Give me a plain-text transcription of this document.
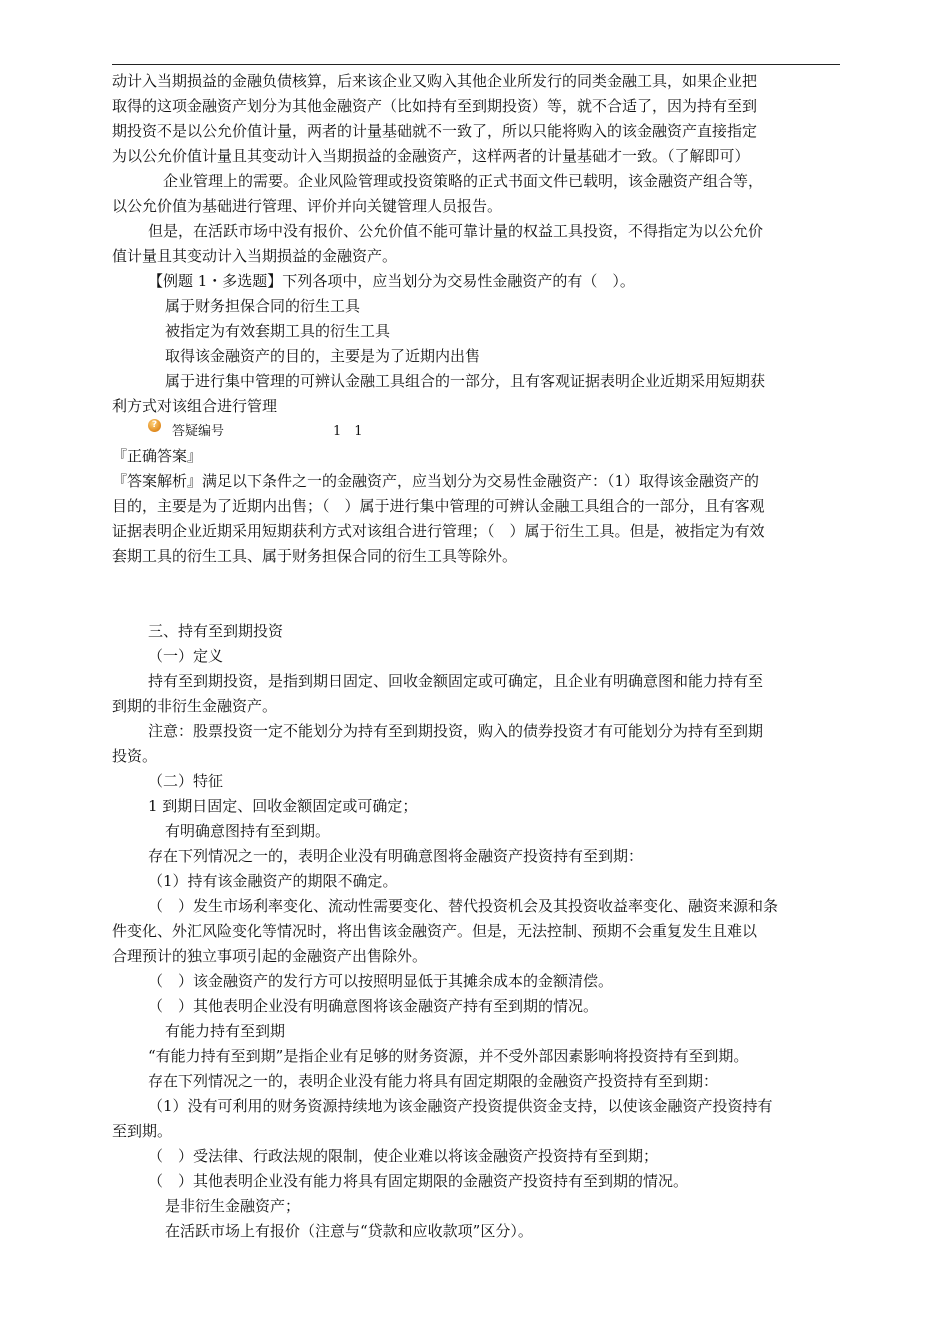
动计入当期损益的金融负债核算，后来该企业又购入其他企业所发行的同类金融工具，如果企业把
取得的这项金融资产划分为其他金融资产（比如持有至到期投资）等，就不合适了，因为持有至到
期投资不是以公允价值计量，两者的计量基础就不一致了，所以只能将购入的该金融资产直接指定
为以公允价值计量且其变动计入当期损益的金融资产，这样两者的计量基础才一致。（了解即可）
企业管理上的需要。企业风险管理或投资策略的正式书面文件已载明，该金融资产组合等，
以公允价值为基础进行管理、评价并向关键管理人员报告。
但是，在活跃市场中没有报价、公允价值不能可靠计量的权益工具投资，不得指定为以公允价
值计量且其变动计入当期损益的金融资产。
【例题 1・多选题】下列各项中，应当划分为交易性金融资产的有（　）。
属于财务担保合同的衍生工具
被指定为有效套期工具的衍生工具
取得该金融资产的目的，主要是为了近期内出售
属于进行集中管理的可辨认金融工具组合的一部分，且有客观证据表明企业近期采用短期获
利方式对该组合进行管理
『正确答案』
『答案解析』满足以下条件之一的金融资产，应当划分为交易性金融资产：（1）取得该金融资产的
目的，主要是为了近期内出售；（　）属于进行集中管理的可辨认金融工具组合的一部分，且有客观
证据表明企业近期采用短期获利方式对该组合进行管理；（　）属于衍生工具。但是，被指定为有效
套期工具的衍生工具、属于财务担保合同的衍生工具等除外。
三、持有至到期投资
（一）定义
持有至到期投资，是指到期日固定、回收金额固定或可确定，且企业有明确意图和能力持有至
到期的非衍生金融资产。
注意：股票投资一定不能划分为持有至到期投资，购入的债券投资才有可能划分为持有至到期
投资。
（二）特征
1 到期日固定、回收金额固定或可确定；
有明确意图持有至到期。
存在下列情况之一的，表明企业没有明确意图将金融资产投资持有至到期：
（1）持有该金融资产的期限不确定。
（　）发生市场利率变化、流动性需要变化、替代投资机会及其投资收益率变化、融资来源和条
件变化、外汇风险变化等情况时，将出售该金融资产。但是，无法控制、预期不会重复发生且难以
合理预计的独立事项引起的金融资产出售除外。
（　）该金融资产的发行方可以按照明显低于其摊余成本的金额清偿。
（　）其他表明企业没有明确意图将该金融资产持有至到期的情况。
有能力持有至到期
“有能力持有至到期”是指企业有足够的财务资源，并不受外部因素影响将投资持有至到期。
存在下列情况之一的，表明企业没有能力将具有固定期限的金融资产投资持有至到期：
（1）没有可利用的财务资源持续地为该金融资产投资提供资金支持，以使该金融资产投资持有
至到期。
（　）受法律、行政法规的限制，使企业难以将该金融资产投资持有至到期；
（　）其他表明企业没有能力将具有固定期限的金融资产投资持有至到期的情况。
是非衍生金融资产；
在活跃市场上有报价（注意与“贷款和应收款项”区分）。
? 答疑编号	1　1
